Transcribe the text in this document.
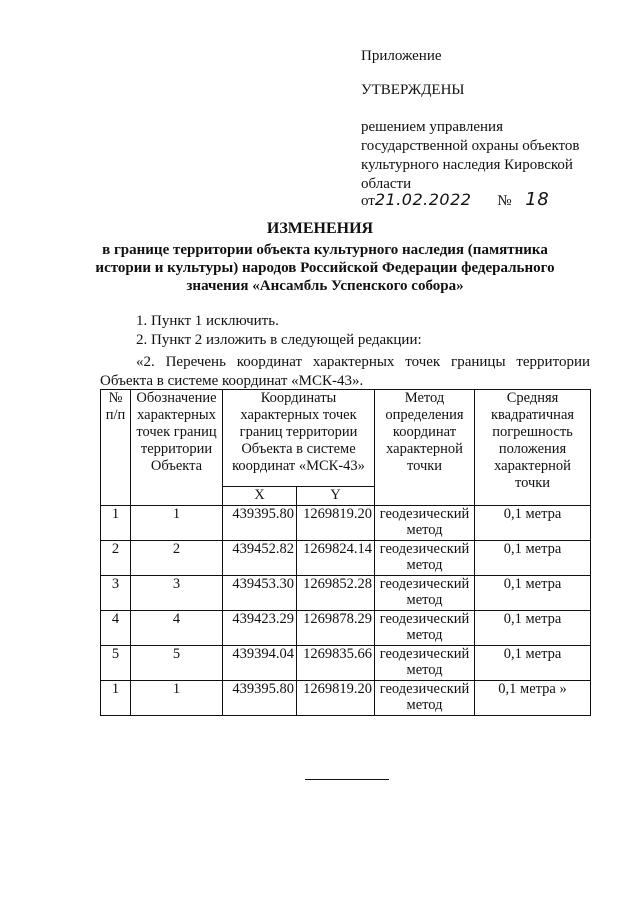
Приложение
УТВЕРЖДЕНЫ
решением управления
государственной охраны объектов
культурного наследия Кировской
области
от21.02.2022 № 18
ИЗМЕНЕНИЯ
в границе территории объекта культурного наследия (памятника
истории и культуры) народов Российской Федерации федерального
значения «Ансамбль Успенского собора»
1. Пункт 1 исключить.
2. Пункт 2 изложить в следующей редакции:
«2. Перечень координат характерных точек границы территории
Объекта в системе координат «МСК-43».
№ п/п	Обозначение характерных точек границ территории Объекта	Координаты характерных точек границ территории Объекта в системе координат «МСК-43»		Метод определения координат характерной точки	Средняя квадратичная погрешность положения характерной точки
		X	Y		
1	1	439395.80	1269819.20	геодезический метод	0,1 метра
2	2	439452.82	1269824.14	геодезический метод	0,1 метра
3	3	439453.30	1269852.28	геодезический метод	0,1 метра
4	4	439423.29	1269878.29	геодезический метод	0,1 метра
5	5	439394.04	1269835.66	геодезический метод	0,1 метра
1	1	439395.80	1269819.20	геодезический метод	0,1 метра »
